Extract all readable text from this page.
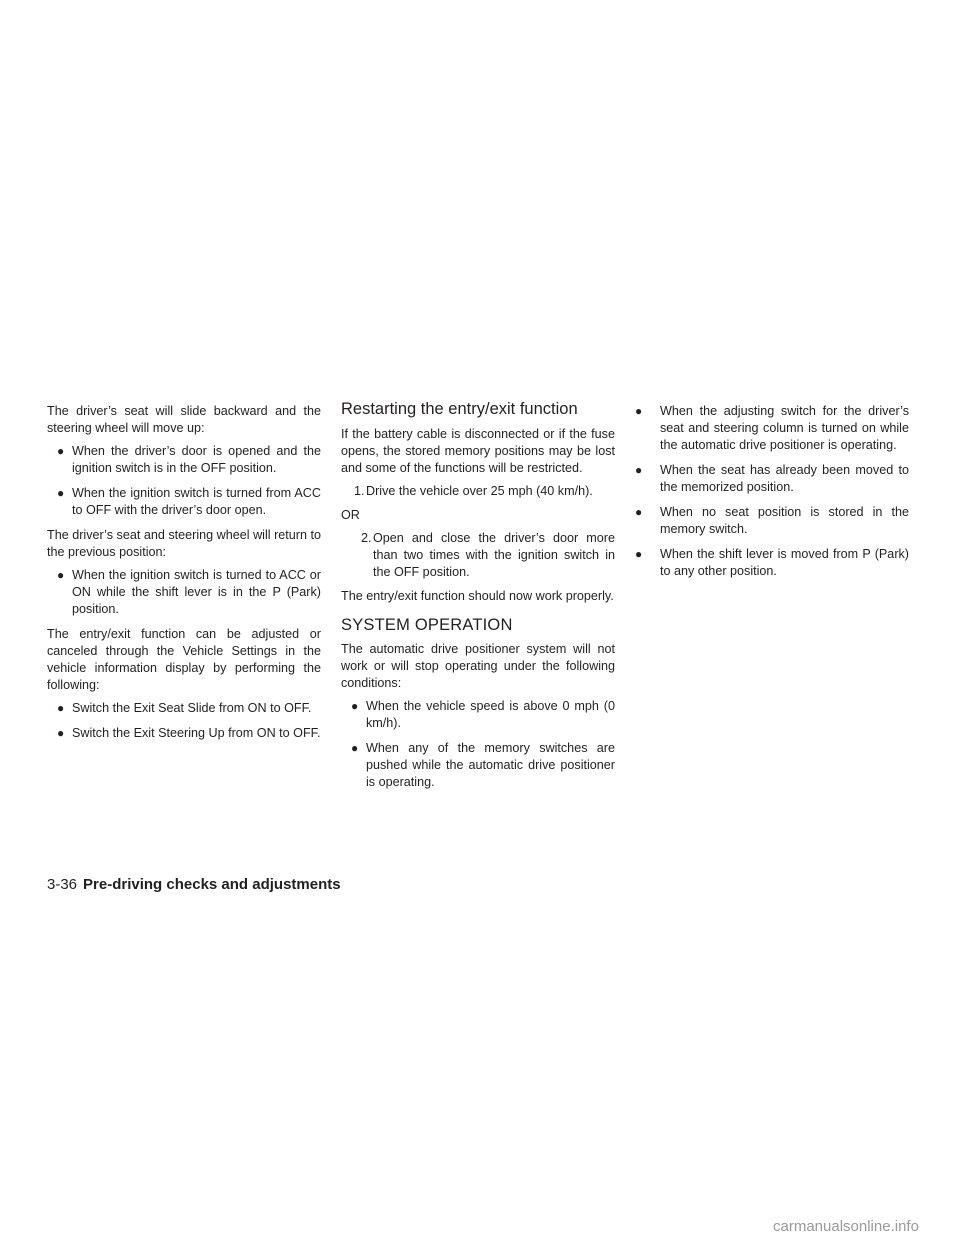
The driver’s seat will slide backward and the steering wheel will move up:

● When the driver’s door is opened and the ignition switch is in the OFF position.
● When the ignition switch is turned from ACC to OFF with the driver’s door open.

The driver’s seat and steering wheel will return to the previous position:

● When the ignition switch is turned to ACC or ON while the shift lever is in the P (Park) position.

The entry/exit function can be adjusted or canceled through the Vehicle Settings in the vehicle information display by performing the following:

● Switch the Exit Seat Slide from ON to OFF.
● Switch the Exit Steering Up from ON to OFF.
Restarting the entry/exit function

If the battery cable is disconnected or if the fuse opens, the stored memory positions may be lost and some of the functions will be restricted.

1. Drive the vehicle over 25 mph (40 km/h).

OR

2. Open and close the driver’s door more than two times with the ignition switch in the OFF position.

The entry/exit function should now work properly.

SYSTEM OPERATION

The automatic drive positioner system will not work or will stop operating under the following conditions:

● When the vehicle speed is above 0 mph (0 km/h).
● When any of the memory switches are pushed while the automatic drive positioner is operating.
● When the adjusting switch for the driver’s seat and steering column is turned on while the automatic drive positioner is operating.
● When the seat has already been moved to the memorized position.
● When no seat position is stored in the memory switch.
● When the shift lever is moved from P (Park) to any other position.
3-36 Pre-driving checks and adjustments
carmanualsonline.info
